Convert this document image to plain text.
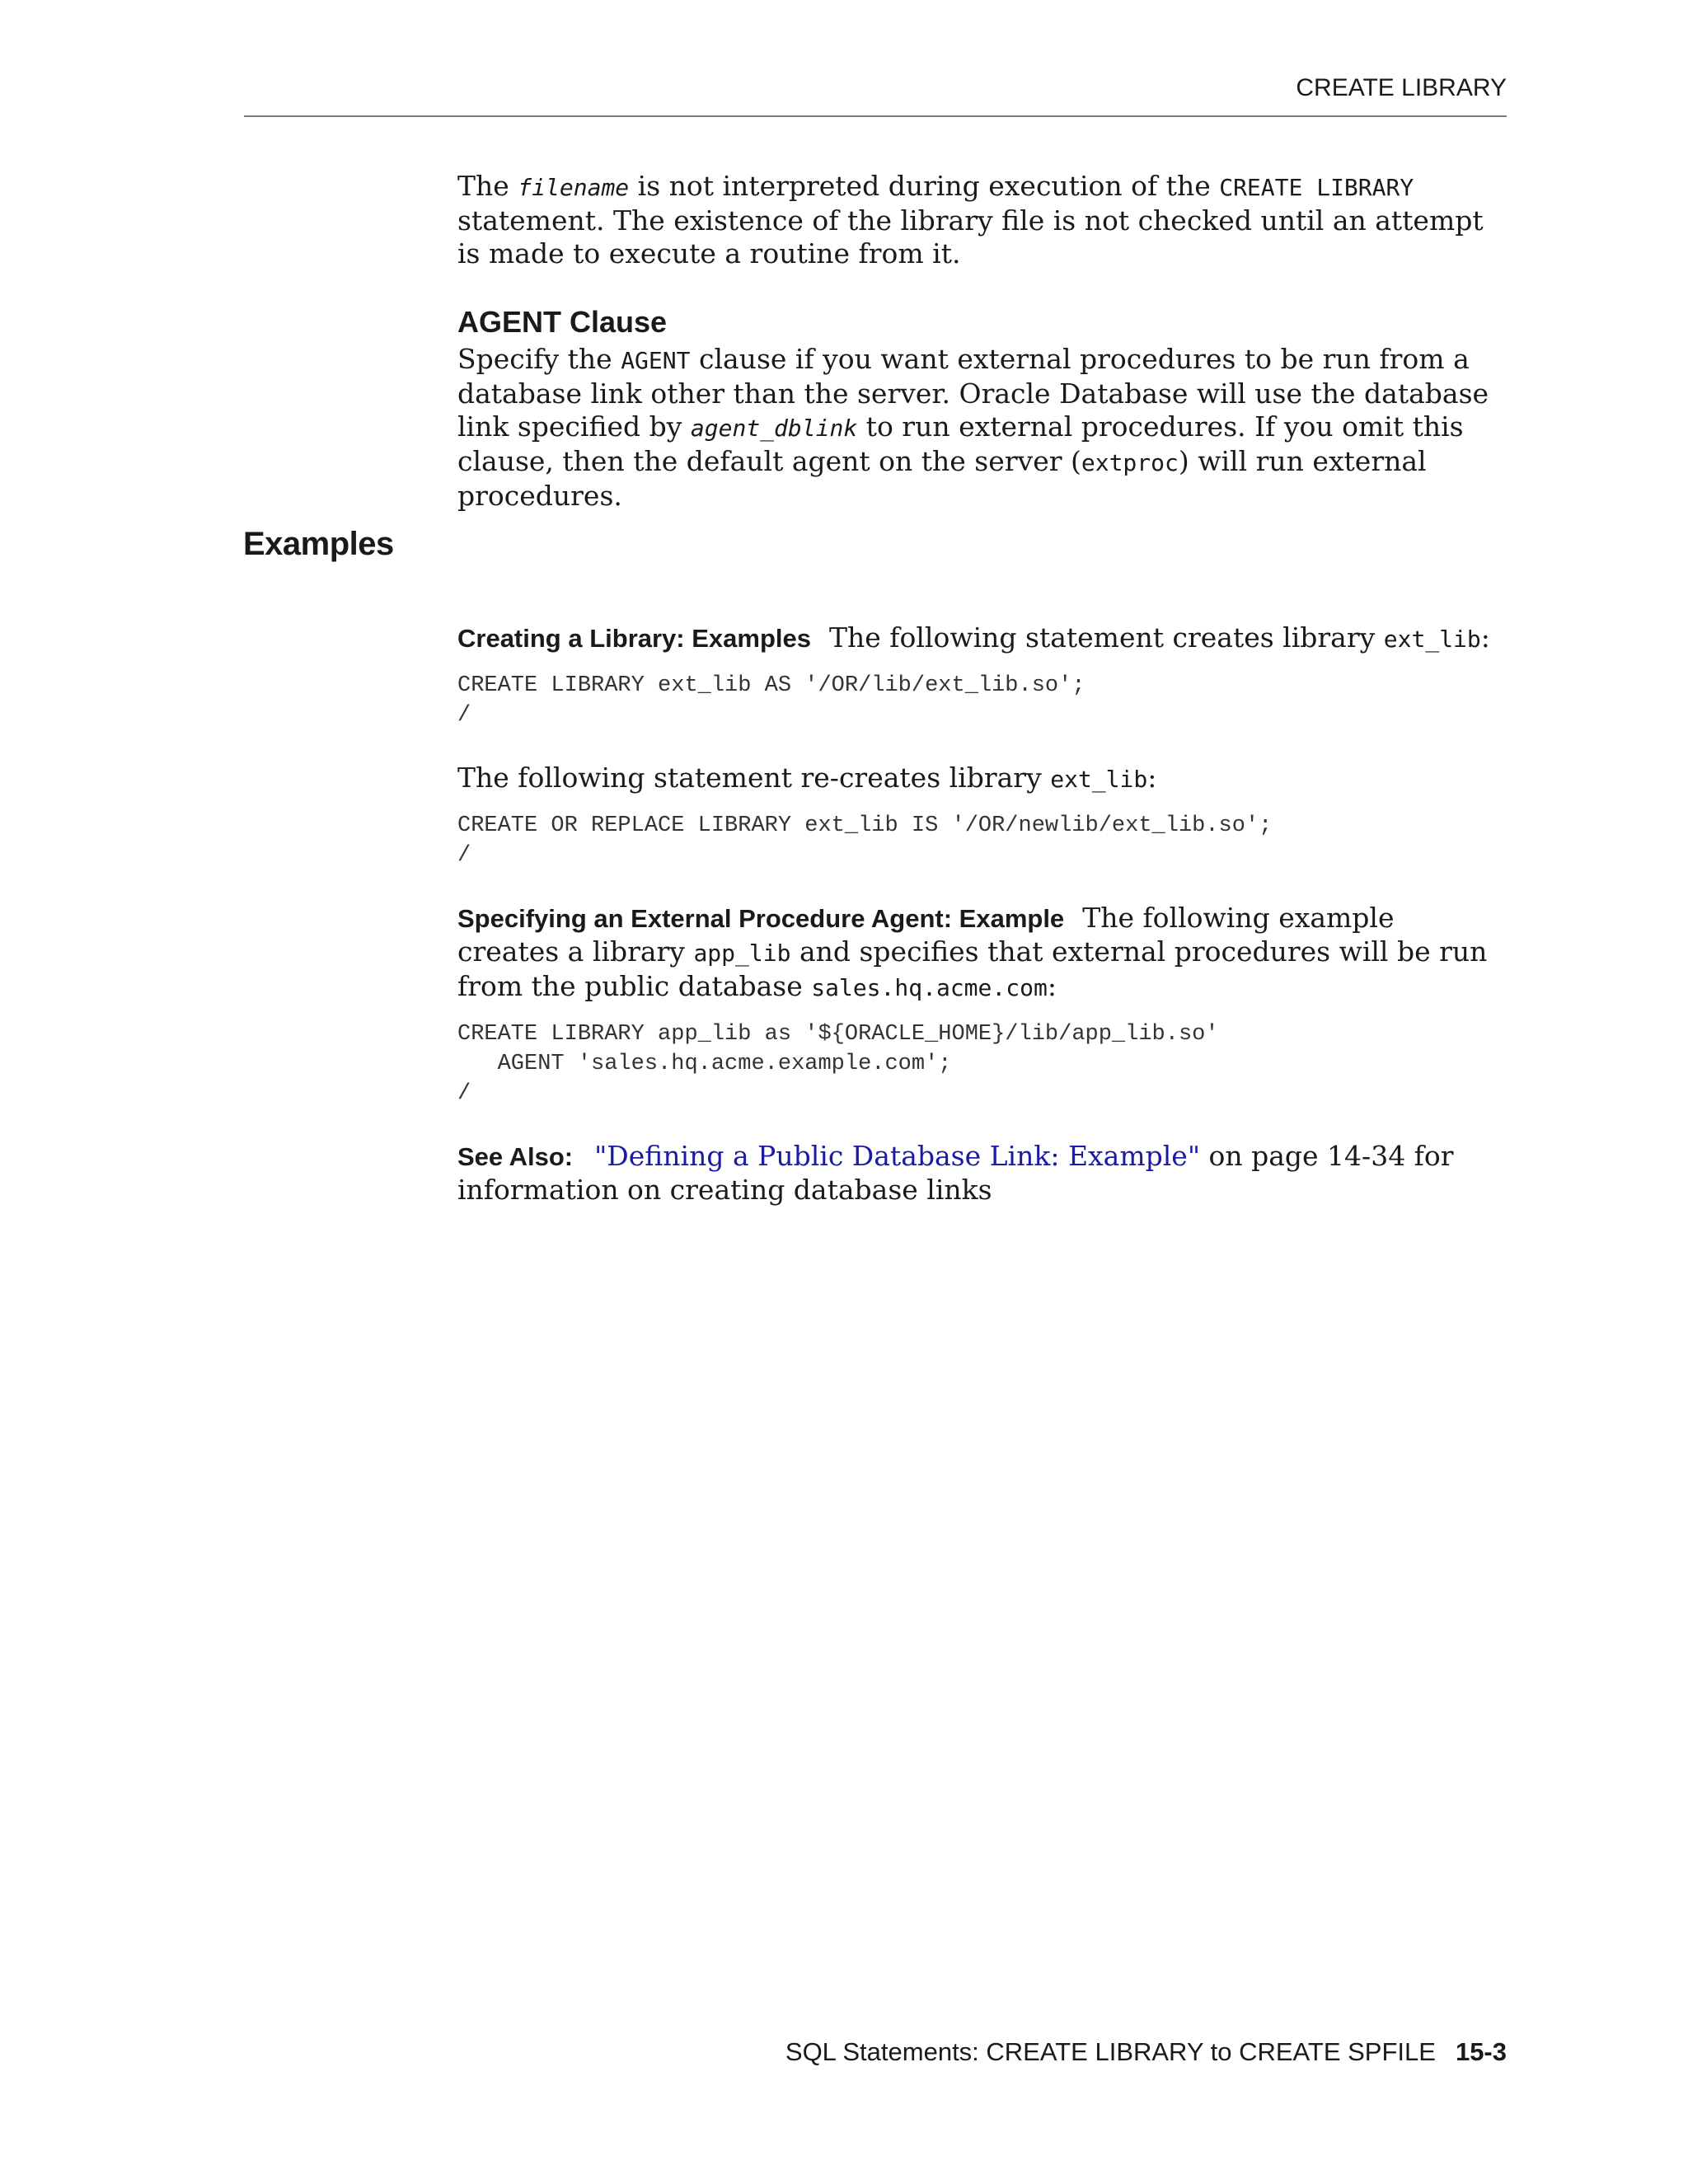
CREATE LIBRARY
Examples

The filename is not interpreted during execution of the CREATE LIBRARY statement. The existence of the library file is not checked until an attempt is made to execute a routine from it.

AGENT Clause

Specify the AGENT clause if you want external procedures to be run from a database link other than the server. Oracle Database will use the database link specified by agent_dblink to run external procedures. If you omit this clause, then the default agent on the server (extproc) will run external procedures.

Creating a Library: Examples The following statement creates library ext_lib:

CREATE LIBRARY ext_lib AS '/OR/lib/ext_lib.so';
/

The following statement re-creates library ext_lib:

CREATE OR REPLACE LIBRARY ext_lib IS '/OR/newlib/ext_lib.so';
/

Specifying an External Procedure Agent: Example The following example creates a library app_lib and specifies that external procedures will be run from the public database sales.hq.acme.com:

CREATE LIBRARY app_lib as '${ORACLE_HOME}/lib/app_lib.so'
AGENT 'sales.hq.acme.example.com';
/

See Also: "Defining a Public Database Link: Example" on page 14-34 for information on creating database links

SQL Statements: CREATE LIBRARY to CREATE SPFILE 15-3
